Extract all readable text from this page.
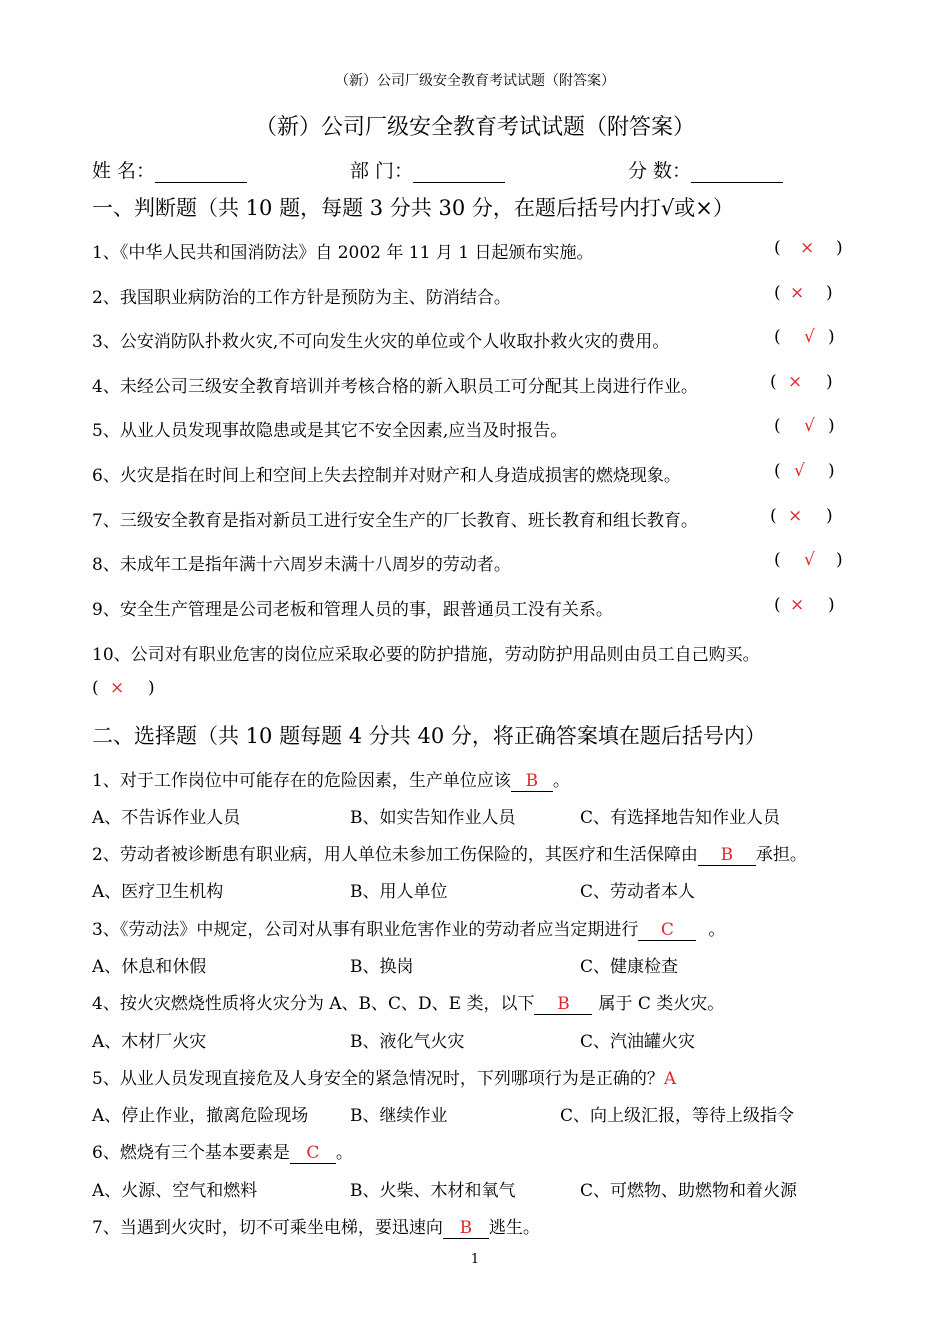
（新）公司厂级安全教育考试试题（附答案）
（新）公司厂级安全教育考试试题（附答案）
姓 名：	部 门：	分 数：
一、判断题（共 10 题，每题 3 分共 30 分，在题后括号内打√或×）
1、《中华人民共和国消防法》自 2002 年 11 月 1 日起颁布实施。	( × )
2、我国职业病防治的工作方针是预防为主、防消结合。	( × )
3、公安消防队扑救火灾,不可向发生火灾的单位或个人收取扑救火灾的费用。	( √ )
4、未经公司三级安全教育培训并考核合格的新入职员工可分配其上岗进行作业。	( × )
5、从业人员发现事故隐患或是其它不安全因素,应当及时报告。	( √ )
6、火灾是指在时间上和空间上失去控制并对财产和人身造成损害的燃烧现象。	( √ )
7、三级安全教育是指对新员工进行安全生产的厂长教育、班长教育和组长教育。	( × )
8、未成年工是指年满十六周岁未满十八周岁的劳动者。	( √ )
9、安全生产管理是公司老板和管理人员的事，跟普通员工没有关系。	( × )
10、公司对有职业危害的岗位应采取必要的防护措施，劳动防护用品则由员工自己购买。
( × )
二、选择题（共 10 题每题 4 分共 40 分，将正确答案填在题后括号内）
1、对于工作岗位中可能存在的危险因素，生产单位应该 B 。
A、不告诉作业人员	B、如实告知作业人员	C、有选择地告知作业人员
2、劳动者被诊断患有职业病，用人单位未参加工伤保险的，其医疗和生活保障由 B 承担。
A、医疗卫生机构	B、用人单位	C、劳动者本人
3、《劳动法》中规定，公司对从事有职业危害作业的劳动者应当定期进行 C 。
A、休息和休假	B、换岗	C、健康检查
4、按火灾燃烧性质将火灾分为 A、B、C、D、E 类，以下 B 属于 C 类火灾。
A、木材厂火灾	B、液化气火灾	C、汽油罐火灾
5、从业人员发现直接危及人身安全的紧急情况时，下列哪项行为是正确的？A
A、停止作业，撤离危险现场 B、继续作业	C、向上级汇报，等待上级指令
6、燃烧有三个基本要素是 C 。
A、火源、空气和燃料	B、火柴、木材和氧气	C、可燃物、助燃物和着火源
7、当遇到火灾时，切不可乘坐电梯，要迅速向 B 逃生。
1
